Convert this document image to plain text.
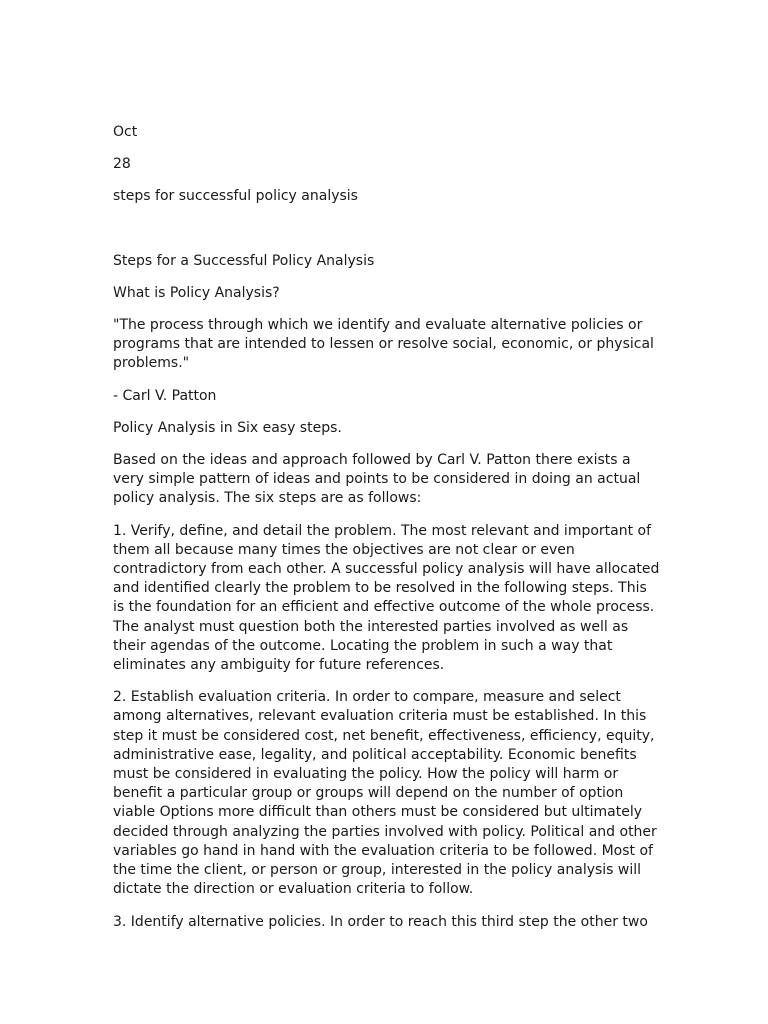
Oct

28

steps for successful policy analysis

Steps for a Successful Policy Analysis

What is Policy Analysis?

"The process through which we identify and evaluate alternative policies or programs that are intended to lessen or resolve social, economic, or physical problems."

- Carl V. Patton

Policy Analysis in Six easy steps.

Based on the ideas and approach followed by Carl V. Patton there exists a very simple pattern of ideas and points to be considered in doing an actual policy analysis. The six steps are as follows:

1. Verify, define, and detail the problem. The most relevant and important of them all because many times the objectives are not clear or even contradictory from each other. A successful policy analysis will have allocated and identified clearly the problem to be resolved in the following steps. This is the foundation for an efficient and effective outcome of the whole process. The analyst must question both the interested parties involved as well as their agendas of the outcome. Locating the problem in such a way that eliminates any ambiguity for future references.

2. Establish evaluation criteria. In order to compare, measure and select among alternatives, relevant evaluation criteria must be established. In this step it must be considered cost, net benefit, effectiveness, efficiency, equity, administrative ease, legality, and political acceptability. Economic benefits must be considered in evaluating the policy. How the policy will harm or benefit a particular group or groups will depend on the number of option viable Options more difficult than others must be considered but ultimately decided through analyzing the parties involved with policy. Political and other variables go hand in hand with the evaluation criteria to be followed. Most of the time the client, or person or group, interested in the policy analysis will dictate the direction or evaluation criteria to follow.

3. Identify alternative policies. In order to reach this third step the other two
